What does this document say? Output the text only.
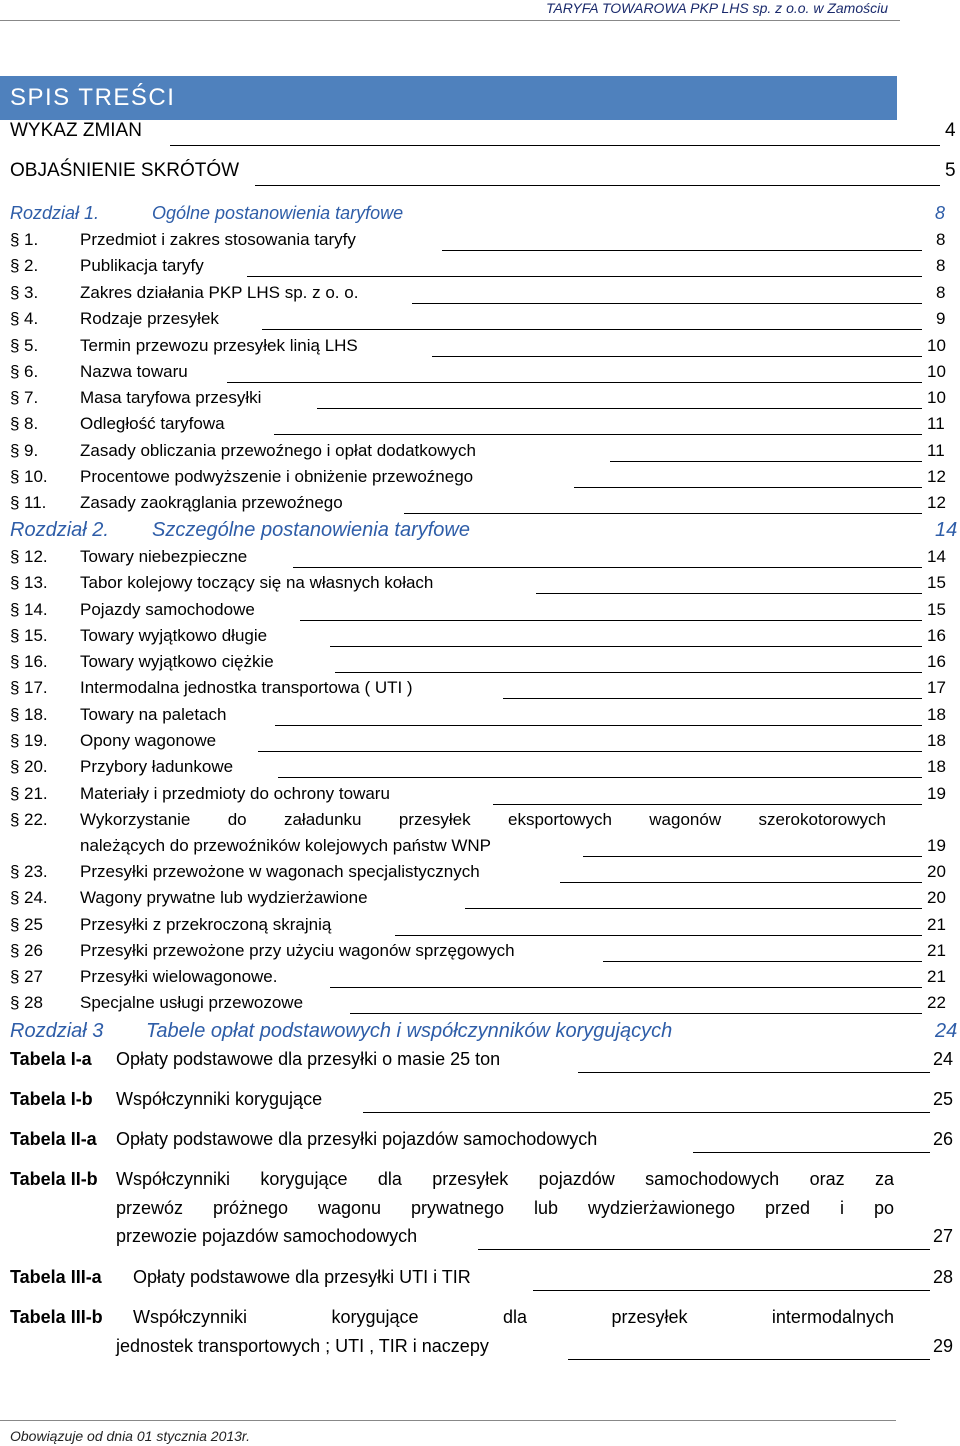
TARYFA TOWAROWA PKP LHS sp. z o.o. w Zamościu
SPIS TREŚCI
WYKAZ ZMIAN	4
OBJAŚNIENIE SKRÓTÓW	5
Rozdział 1.	Ogólne postanowienia taryfowe	8
§ 1. Przedmiot i zakres stosowania taryfy	8
§ 2. Publikacja taryfy	8
§ 3. Zakres działania PKP LHS sp. z o. o.	8
§ 4. Rodzaje przesyłek	9
§ 5. Termin przewozu przesyłek linią LHS	10
§ 6. Nazwa towaru	10
§ 7. Masa taryfowa przesyłki	10
§ 8. Odległość taryfowa	11
§ 9. Zasady obliczania przewoźnego i opłat dodatkowych	11
§ 10. Procentowe podwyższenie i obniżenie przewoźnego	12
§ 11. Zasady zaokrąglania przewoźnego	12
Rozdział 2. Szczególne postanowienia taryfowe	14
§ 12. Towary niebezpieczne	14
§ 13. Tabor kolejowy toczący się na własnych kołach	15
§ 14. Pojazdy samochodowe	15
§ 15. Towary wyjątkowo długie	16
§ 16. Towary wyjątkowo ciężkie	16
§ 17. Intermodalna jednostka transportowa ( UTI )	17
§ 18. Towary na paletach	18
§ 19. Opony wagonowe	18
§ 20. Przybory ładunkowe	18
§ 21. Materiały i przedmioty do ochrony towaru	19
§ 22. Wykorzystanie do załadunku przesyłek eksportowych wagonów szerokotorowych
należących do przewoźników kolejowych państw WNP	19
§ 23. Przesyłki przewożone w wagonach specjalistycznych	20
§ 24. Wagony prywatne lub wydzierżawione	20
§ 25 Przesyłki z przekroczoną skrajnią	21
§ 26 Przesyłki przewożone przy użyciu wagonów sprzęgowych	21
§ 27 Przesyłki wielowagonowe.	21
§ 28 Specjalne usługi przewozowe	22
Rozdział 3 Tabele opłat podstawowych i współczynników korygujących	24
Tabela I-a Opłaty podstawowe dla przesyłki o masie 25 ton	24
Tabela I-b Współczynniki korygujące	25
Tabela II-a Opłaty podstawowe dla przesyłki pojazdów samochodowych	26
Tabela II-b Współczynniki korygujące dla przesyłek pojazdów samochodowych oraz za
przewóz próżnego wagonu prywatnego lub wydzierżawionego przed i po
przewozie pojazdów samochodowych	27
Tabela III-a Opłaty podstawowe dla przesyłki UTI i TIR	28
Tabela III-b Współczynniki korygujące dla przesyłek intermodalnych
jednostek transportowych ; UTI , TIR i naczepy	29
Obowiązuje od dnia 01 stycznia 2013r.
